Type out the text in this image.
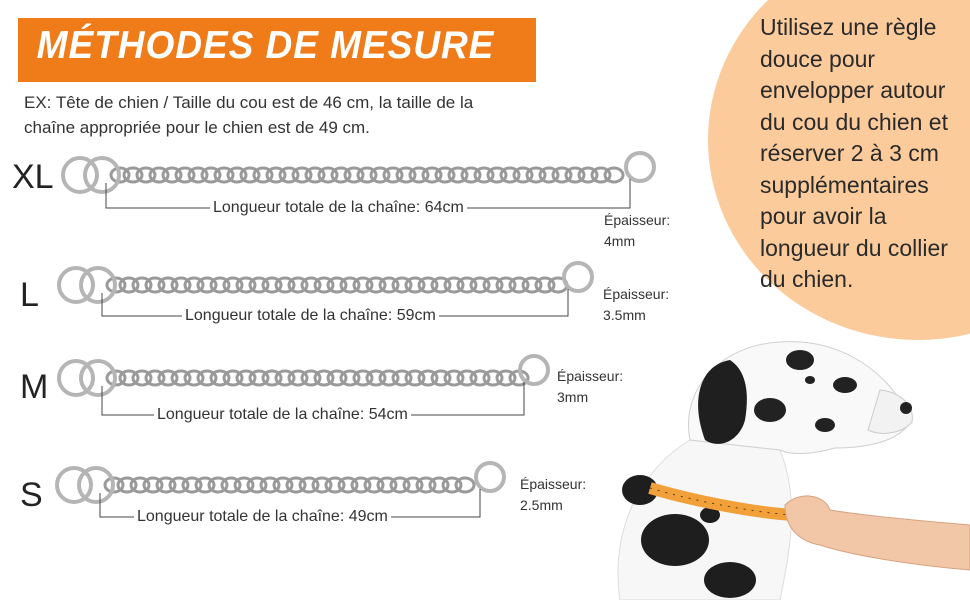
MÉTHODES DE MESURE
EX: Tête de chien / Taille du cou est de 46 cm, la taille de la
chaîne appropriée pour le chien est de 49 cm.
Utilisez une règle douce pour envelopper autour du cou du chien et réserver 2 à 3 cm supplémentaires pour avoir la longueur du collier du chien.
XL
L
M
S
Longueur totale de la chaîne: 64cm
Longueur totale de la chaîne: 59cm
Longueur totale de la chaîne: 54cm
Longueur totale de la chaîne: 49cm
Épaisseur:
4mm
Épaisseur:
3.5mm
Épaisseur:
3mm
Épaisseur:
2.5mm
